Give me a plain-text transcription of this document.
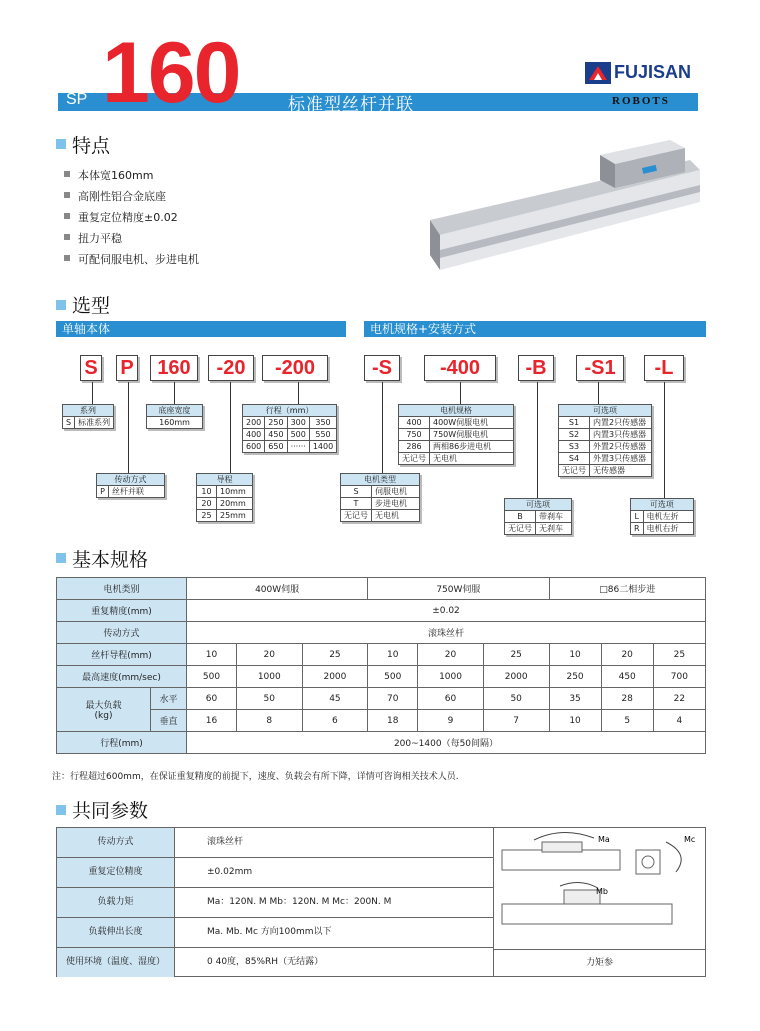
SP 160	标准型丝杆并联
FUJISAN
ROBOTS
特点
本体宽160mm
高刚性铝合金底座
重复定位精度±0.02
扭力平稳
可配伺服电机、步进电机
选型
单轴本体	电机规格+安装方式
S P	160	-20	-200	-S	-400	-B	-S1	-L
系列
S	标准系列
底座宽度
160mm
行程（mm）			
200	250	300	350
400	450	500	550
600	650	······	1400
传动方式
P	丝杆并联
导程	
10	10mm
20	20mm
25	25mm
电机类型	
S	伺服电机
T	步进电机
无记号	无电机
电机规格	
400	400W伺服电机
750	750W伺服电机
286	两相86步进电机
无记号	无电机
可选项	
B	带刹车
无记号	无刹车
可选项	
S1	内置2只传感器
S2	内置3只传感器
S3	外置2只传感器
S4	外置3只传感器
无记号	无传感器
可选项	
L	电机左折
R	电机右折
基本规格
电机类别		400W伺服			750W伺服			□86二相步进		
重复精度(mm)		±0.02								
传动方式		滚珠丝杆								
丝杆导程(mm)		10	20	25	10	20	25	10	20	25
最高速度(mm/sec)		500	1000	2000	500	1000	2000	250	450	700
最大负载
(kg)	水平	60	50	45	70	60	50	35	28	22
	垂直	16	8	6	18	9	7	10	5	4
行程(mm)		200~1400（每50间隔）								
注：行程超过600mm，在保证重复精度的前提下，速度、负载会有所下降，详情可咨询相关技术人员.
共同参数
传动方式	滚珠丝杆
重复定位精度	±0.02mm
负载力矩	Ma：120N. M Mb：120N. M Mc：200N. M
负载伸出长度	Ma. Mb. Mc 方向100mm以下
使用环境（温度、湿度）	0 40度，85%RH（无结露）
Ma	Mc
Mb
力矩参
